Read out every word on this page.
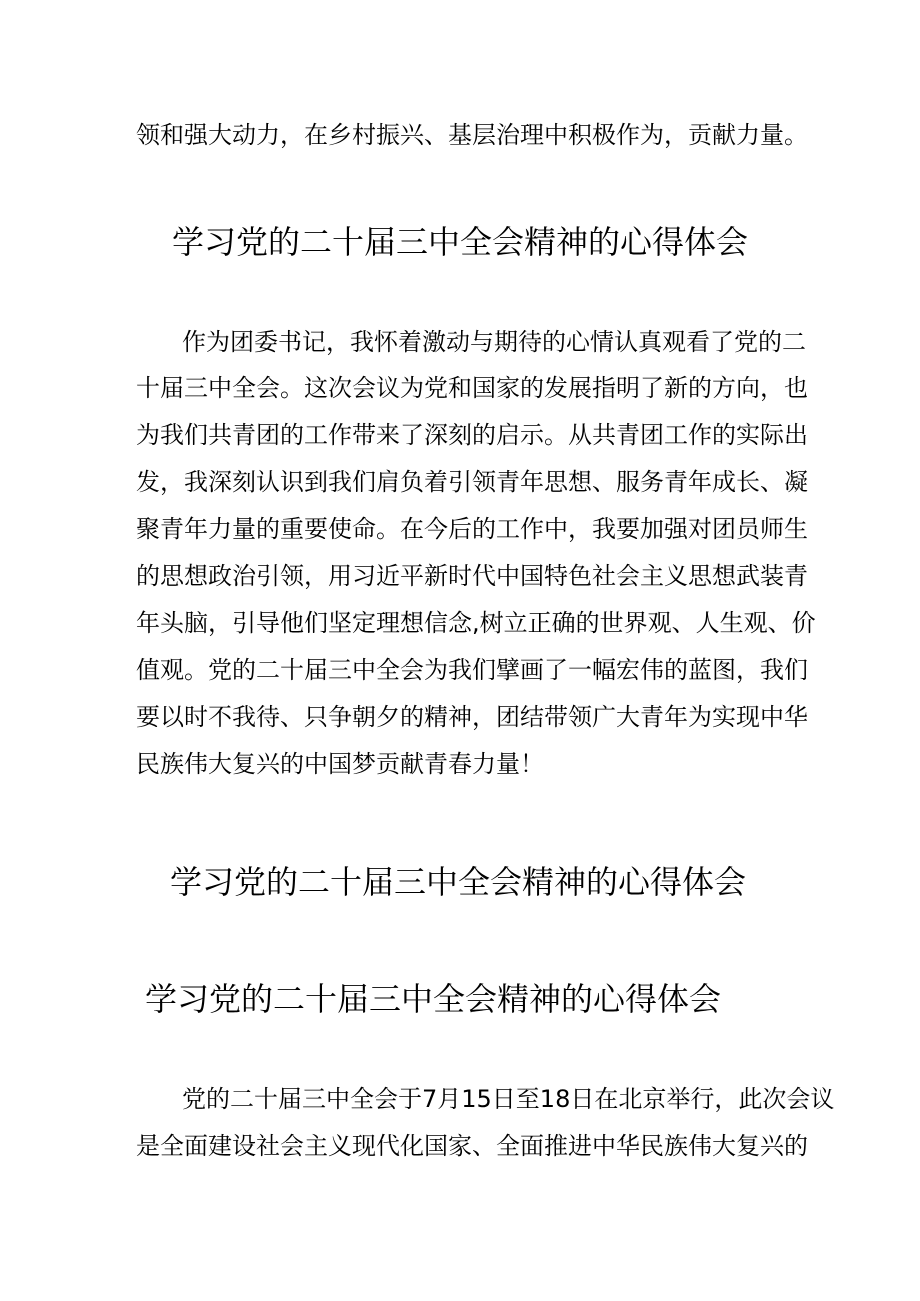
领和强大动力，在乡村振兴、基层治理中积极作为，贡献力量。
学习党的二十届三中全会精神的心得体会
作为团委书记，我怀着激动与期待的心情认真观看了党的二
十届三中全会。这次会议为党和国家的发展指明了新的方向，也
为我们共青团的工作带来了深刻的启示。从共青团工作的实际出
发，我深刻认识到我们肩负着引领青年思想、服务青年成长、凝
聚青年力量的重要使命。在今后的工作中，我要加强对团员师生
的思想政治引领，用习近平新时代中国特色社会主义思想武装青
年头脑，引导他们坚定理想信念,树立正确的世界观、人生观、价
值观。党的二十届三中全会为我们擘画了一幅宏伟的蓝图，我们
要以时不我待、只争朝夕的精神，团结带领广大青年为实现中华
民族伟大复兴的中国梦贡献青春力量！
学习党的二十届三中全会精神的心得体会
学习党的二十届三中全会精神的心得体会
党的二十届三中全会于7月15日至18日在北京举行，此次会议
是全面建设社会主义现代化国家、全面推进中华民族伟大复兴的
